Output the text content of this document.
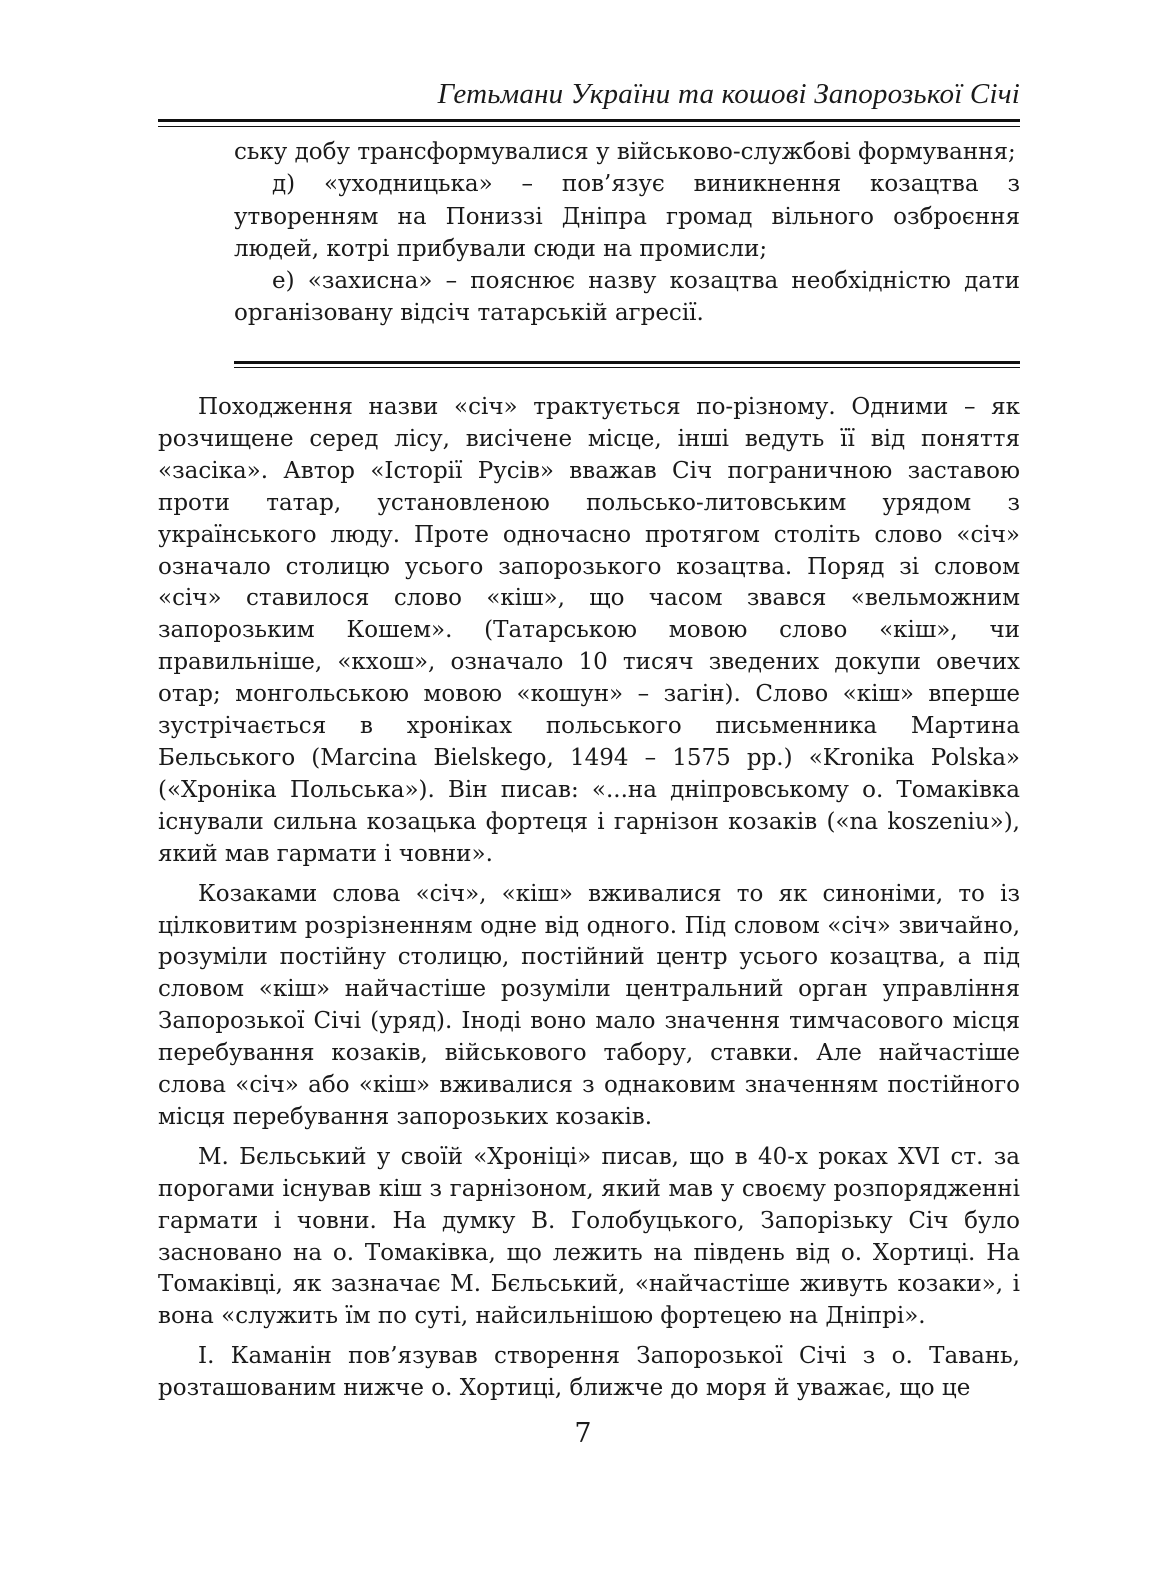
Гетьмани України та кошові Запорозької Січі

ську добу трансформувалися у військово-службові формування;

д) «уходницька» – пов’язує виникнення козацтва з утворенням на Пониззі Дніпра громад вільного озброєння людей, котрі прибували сюди на промисли;

е) «захисна» – пояснює назву козацтва необхідністю дати організовану відсіч татарській агресії.

Походження назви «січ» трактується по-різному. Одними – як розчищене серед лісу, висічене місце, інші ведуть її від поняття «засіка». Автор «Історії Русів» вважав Січ пограничною заставою проти татар, установленою польсько-литовським урядом з українського люду. Проте одночасно протягом століть слово «січ» означало столицю усього запорозького козацтва. Поряд зі словом «січ» ставилося слово «кіш», що часом звався «вельможним запорозьким Кошем». (Татарською мовою слово «кіш», чи правильніше, «кхош», означало 10 тисяч зведених докупи овечих отар; монгольською мовою «кошун» – загін). Слово «кіш» вперше зустрічається в хроніках польського письменника Мартина Бельського (Marcina Bielskego, 1494 – 1575 рр.) «Kronika Polska» («Хроніка Польська»). Він писав: «...на дніпровському о. Томаківка існували сильна козацька фортеця і гарнізон козаків («na koszeniu»), який мав гармати і човни».

Козаками слова «січ», «кіш» вживалися то як синоніми, то із цілковитим розрізненням одне від одного. Під словом «січ» звичайно, розуміли постійну столицю, постійний центр усього козацтва, а під словом «кіш» найчастіше розуміли центральний орган управління Запорозької Січі (уряд). Іноді воно мало значення тимчасового місця перебування козаків, військового табору, ставки. Але найчастіше слова «січ» або «кіш» вживалися з однаковим значенням постійного місця перебування запорозьких козаків.

М. Бєльський у своїй «Хроніці» писав, що в 40-х роках XVI ст. за порогами існував кіш з гарнізоном, який мав у своєму розпорядженні гармати і човни. На думку В. Голобуцького, Запорізьку Січ було засновано на о. Томаківка, що лежить на південь від о. Хортиці. На Томаківці, як зазначає М. Бєльський, «найчастіше живуть козаки», і вона «служить їм по суті, найсильнішою фортецею на Дніпрі».

І. Каманін пов’язував створення Запорозької Січі з о. Тавань, розташованим нижче о. Хортиці, ближче до моря й уважає, що це

7
